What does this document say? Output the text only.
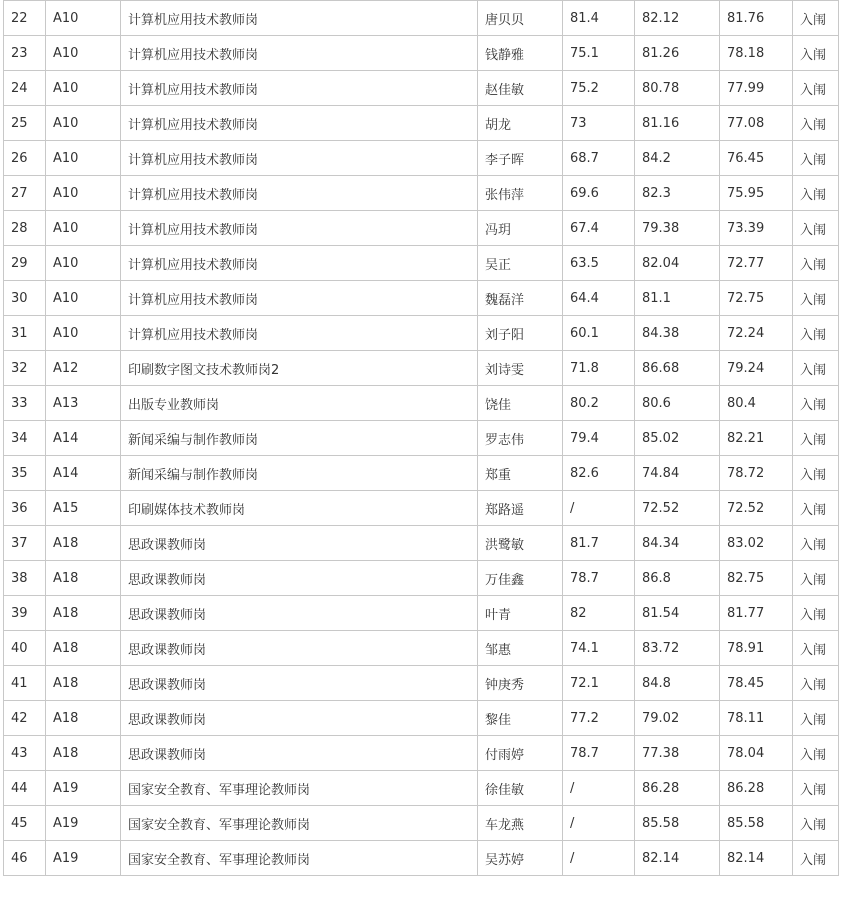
22	A10	计算机应用技术教师岗	唐贝贝	81.4	82.12	81.76	入闱
23	A10	计算机应用技术教师岗	钱静雅	75.1	81.26	78.18	入闱
24	A10	计算机应用技术教师岗	赵佳敏	75.2	80.78	77.99	入闱
25	A10	计算机应用技术教师岗	胡龙	73	81.16	77.08	入闱
26	A10	计算机应用技术教师岗	李子晖	68.7	84.2	76.45	入闱
27	A10	计算机应用技术教师岗	张伟萍	69.6	82.3	75.95	入闱
28	A10	计算机应用技术教师岗	冯玥	67.4	79.38	73.39	入闱
29	A10	计算机应用技术教师岗	吴正	63.5	82.04	72.77	入闱
30	A10	计算机应用技术教师岗	魏磊洋	64.4	81.1	72.75	入闱
31	A10	计算机应用技术教师岗	刘子阳	60.1	84.38	72.24	入闱
32	A12	印刷数字图文技术教师岗2	刘诗雯	71.8	86.68	79.24	入闱
33	A13	出版专业教师岗	饶佳	80.2	80.6	80.4	入闱
34	A14	新闻采编与制作教师岗	罗志伟	79.4	85.02	82.21	入闱
35	A14	新闻采编与制作教师岗	郑重	82.6	74.84	78.72	入闱
36	A15	印刷媒体技术教师岗	郑路遥	/	72.52	72.52	入闱
37	A18	思政课教师岗	洪鹭敏	81.7	84.34	83.02	入闱
38	A18	思政课教师岗	万佳鑫	78.7	86.8	82.75	入闱
39	A18	思政课教师岗	叶青	82	81.54	81.77	入闱
40	A18	思政课教师岗	邹惠	74.1	83.72	78.91	入闱
41	A18	思政课教师岗	钟庚秀	72.1	84.8	78.45	入闱
42	A18	思政课教师岗	黎佳	77.2	79.02	78.11	入闱
43	A18	思政课教师岗	付雨婷	78.7	77.38	78.04	入闱
44	A19	国家安全教育、军事理论教师岗	徐佳敏	/	86.28	86.28	入闱
45	A19	国家安全教育、军事理论教师岗	车龙燕	/	85.58	85.58	入闱
46	A19	国家安全教育、军事理论教师岗	吴苏婷	/	82.14	82.14	入闱
